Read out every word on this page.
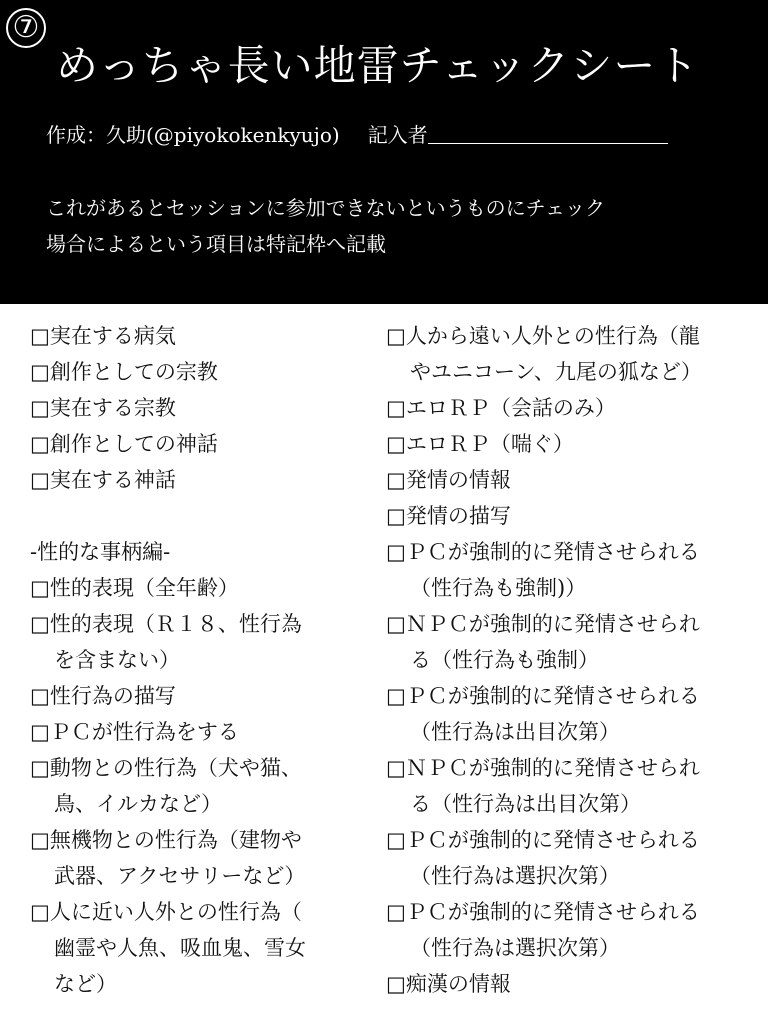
⑦
めっちゃ長い地雷チェックシート
作成：久助(@piyokokenkyujo) 記入者
これがあるとセッションに参加できないというものにチェック
場合によるという項目は特記枠へ記載
□実在する病気
□創作としての宗教
□実在する宗教
□創作としての神話
□実在する神話
-性的な事柄編-
□性的表現（全年齢）
□性的表現（Ｒ１８、性行為
を含まない）
□性行為の描写
□ＰＣが性行為をする
□動物との性行為（犬や猫、
鳥、イルカなど）
□無機物との性行為（建物や
武器、アクセサリーなど）
□人に近い人外との性行為（
幽霊や人魚、吸血鬼、雪女
など）
□人から遠い人外との性行為（龍
やユニコーン、九尾の狐など）
□エロＲＰ（会話のみ）
□エロＲＰ（喘ぐ）
□発情の情報
□発情の描写
□ＰＣが強制的に発情させられる
（性行為も強制)）
□ＮＰＣが強制的に発情させられ
る（性行為も強制）
□ＰＣが強制的に発情させられる
（性行為は出目次第）
□ＮＰＣが強制的に発情させられ
る（性行為は出目次第）
□ＰＣが強制的に発情させられる
（性行為は選択次第）
□ＰＣが強制的に発情させられる
（性行為は選択次第）
□痴漢の情報
